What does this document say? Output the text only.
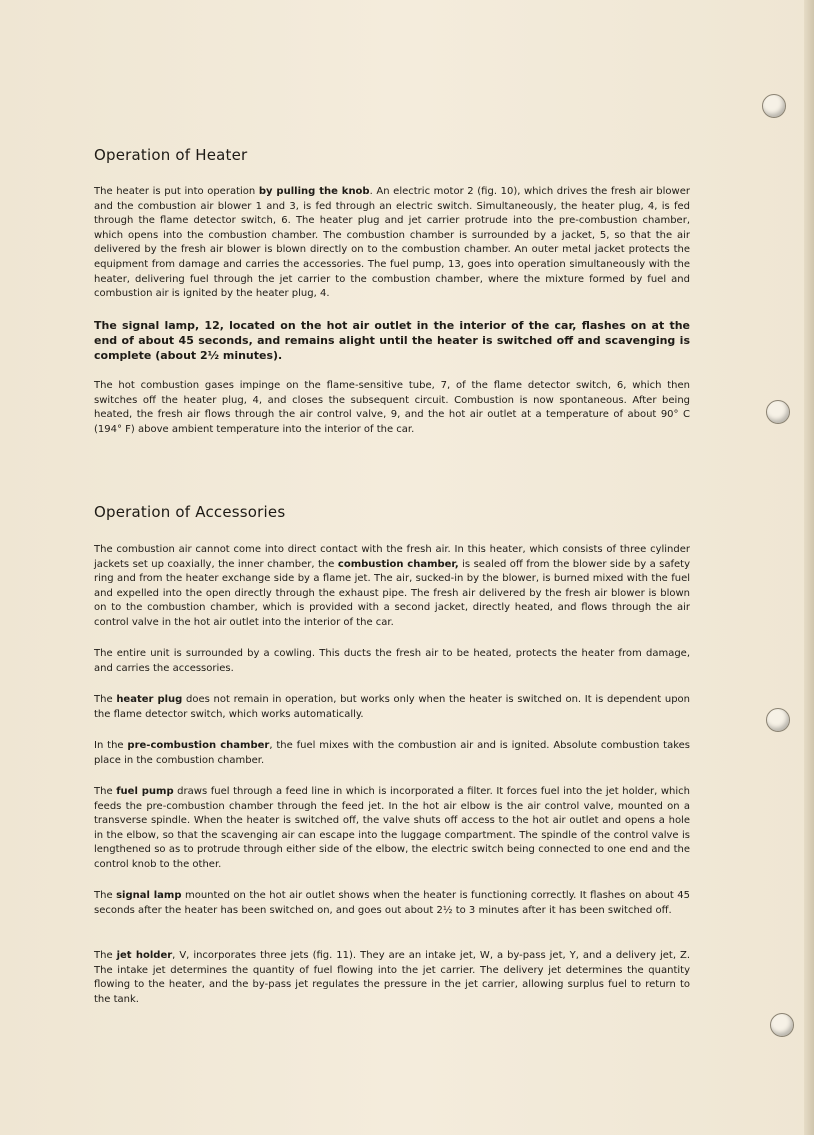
Operation of Heater

The heater is put into operation by pulling the knob. An electric motor 2 (fig. 10), which drives the fresh air blower and the combustion air blower 1 and 3, is fed through an electric switch. Simultaneously, the heater plug, 4, is fed through the flame detector switch, 6. The heater plug and jet carrier protrude into the pre-combustion chamber, which opens into the combustion chamber. The combustion chamber is surrounded by a jacket, 5, so that the air delivered by the fresh air blower is blown directly on to the combustion chamber. An outer metal jacket protects the equipment from damage and carries the accessories. The fuel pump, 13, goes into operation simultaneously with the heater, delivering fuel through the jet carrier to the combustion chamber, where the mixture formed by fuel and combustion air is ignited by the heater plug, 4.

The signal lamp, 12, located on the hot air outlet in the interior of the car, flashes on at the end of about 45 seconds, and remains alight until the heater is switched off and scavenging is complete (about 2½ minutes).

The hot combustion gases impinge on the flame-sensitive tube, 7, of the flame detector switch, 6, which then switches off the heater plug, 4, and closes the subsequent circuit. Combustion is now spontaneous. After being heated, the fresh air flows through the air control valve, 9, and the hot air outlet at a temperature of about 90° C (194° F) above ambient temperature into the interior of the car.

Operation of Accessories

The combustion air cannot come into direct contact with the fresh air. In this heater, which consists of three cylinder jackets set up coaxially, the inner chamber, the combustion chamber, is sealed off from the blower side by a safety ring and from the heater exchange side by a flame jet. The air, sucked-in by the blower, is burned mixed with the fuel and expelled into the open directly through the exhaust pipe. The fresh air delivered by the fresh air blower is blown on to the combustion chamber, which is provided with a second jacket, directly heated, and flows through the air control valve in the hot air outlet into the interior of the car.

The entire unit is surrounded by a cowling. This ducts the fresh air to be heated, protects the heater from damage, and carries the accessories.

The heater plug does not remain in operation, but works only when the heater is switched on. It is dependent upon the flame detector switch, which works automatically.

In the pre-combustion chamber, the fuel mixes with the combustion air and is ignited. Absolute combustion takes place in the combustion chamber.

The fuel pump draws fuel through a feed line in which is incorporated a filter. It forces fuel into the jet holder, which feeds the pre-combustion chamber through the feed jet. In the hot air elbow is the air control valve, mounted on a transverse spindle. When the heater is switched off, the valve shuts off access to the hot air outlet and opens a hole in the elbow, so that the scavenging air can escape into the luggage compartment. The spindle of the control valve is lengthened so as to protrude through either side of the elbow, the electric switch being connected to one end and the control knob to the other.

The signal lamp mounted on the hot air outlet shows when the heater is functioning correctly. It flashes on about 45 seconds after the heater has been switched on, and goes out about 2½ to 3 minutes after it has been switched off.

The jet holder, V, incorporates three jets (fig. 11). They are an intake jet, W, a by-pass jet, Y, and a delivery jet, Z. The intake jet determines the quantity of fuel flowing into the jet carrier. The delivery jet determines the quantity flowing to the heater, and the by-pass jet regulates the pressure in the jet carrier, allowing surplus fuel to return to the tank.
